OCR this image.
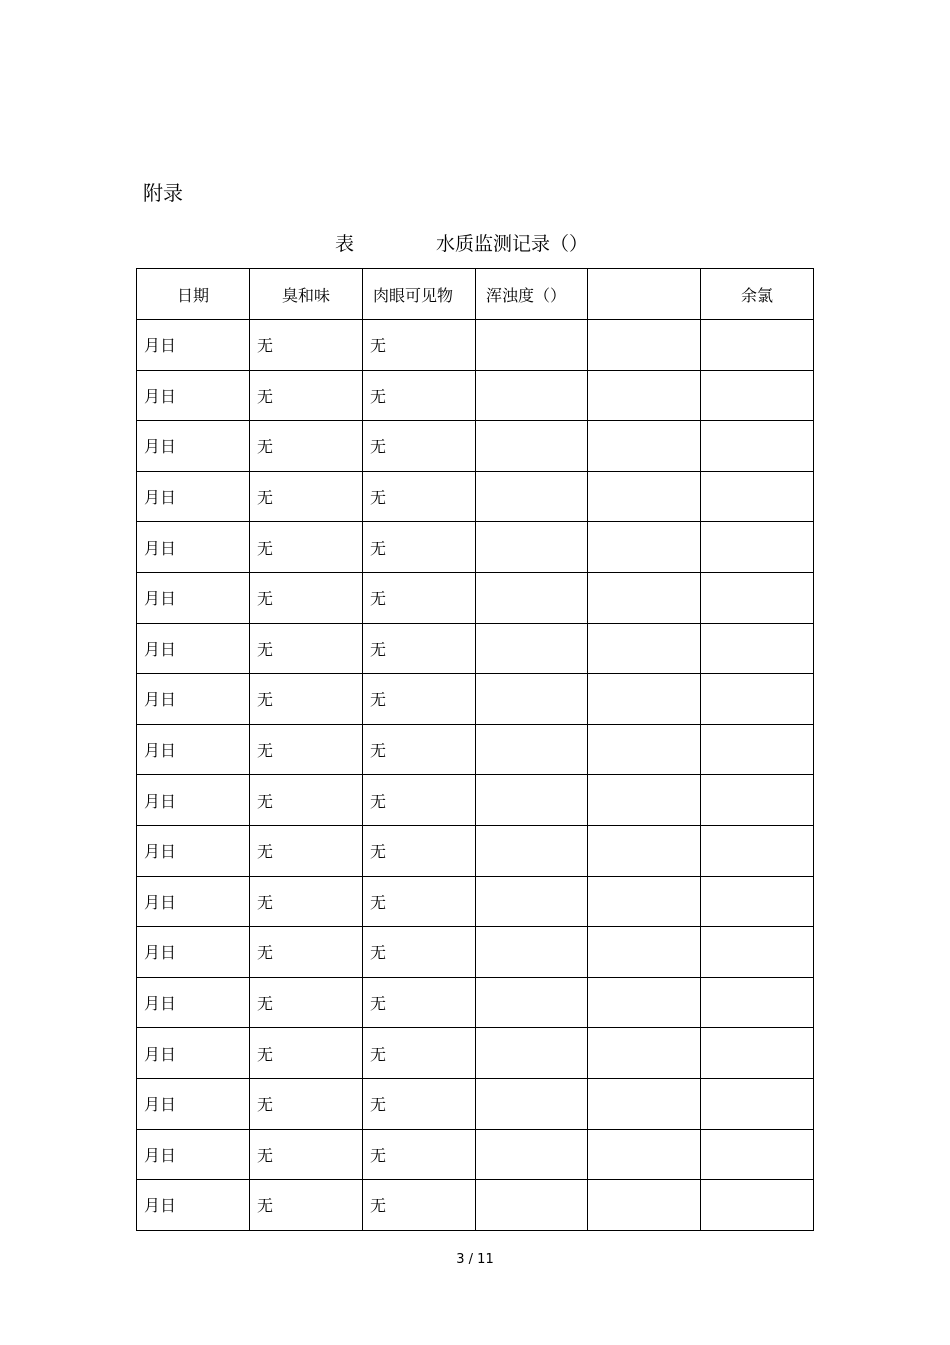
附录
表	水质监测记录（）
日期	臭和味	肉眼可见物	浑浊度（）		余氯
月日	无	无			
月日	无	无			
月日	无	无			
月日	无	无			
月日	无	无			
月日	无	无			
月日	无	无			
月日	无	无			
月日	无	无			
月日	无	无			
月日	无	无			
月日	无	无			
月日	无	无			
月日	无	无			
月日	无	无			
月日	无	无			
月日	无	无			
月日	无	无			
3 / 11
